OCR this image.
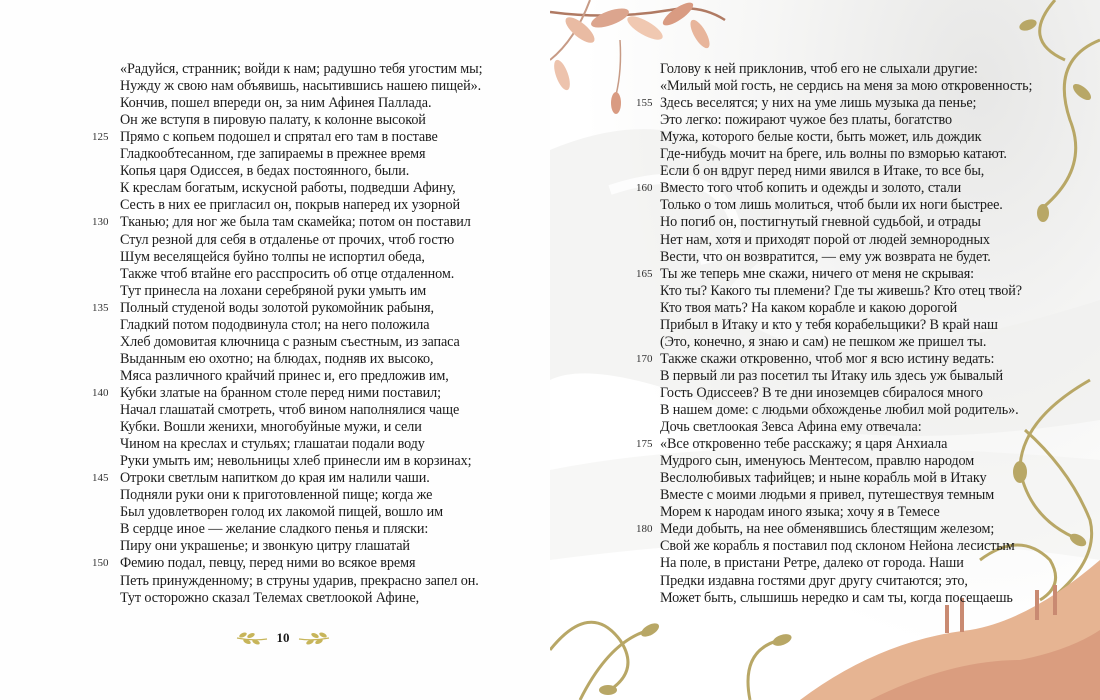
«Радуйся, странник; войди к нам; радушно тебя угостим мы;
Нужду ж свою нам объявишь, насытившись нашею пищей».
Кончив, пошел впереди он, за ним Афинея Паллада.
Он же вступя в пировую палату, к колонне высокой
Прямо с копьем подошел и спрятал его там в поставе
Гладкообтесанном, где запираемы в прежнее время
Копья царя Одиссея, в бедах постоянного, были.
К креслам богатым, искусной работы, подведши Афину,
Сесть в них ее пригласил он, покрыв наперед их узорной
Тканью; для ног же была там скамейка; потом он поставил
Стул резной для себя в отдаленье от прочих, чтоб гостю
Шум веселящейся буйно толпы не испортил обеда,
Также чтоб втайне его расспросить об отце отдаленном.
Тут принесла на лохани серебряной руки умыть им
Полный студеной воды золотой рукомойник рабыня,
Гладкий потом пододвинула стол; на него положила
Хлеб домовитая ключница с разным съестным, из запаса
Выданным ею охотно; на блюдах, подняв их высоко,
Мяса различного крайчий принес и, его предложив им,
Кубки златые на бранном столе перед ними поставил;
Начал глашатай смотреть, чтоб вином наполнялися чаще
Кубки. Вошли женихи, многобуйные мужи, и сели
Чином на креслах и стульях; глашатаи подали воду
Руки умыть им; невольницы хлеб принесли им в корзинах;
Отроки светлым напитком до края им налили чаши.
Подняли руки они к приготовленной пище; когда же
Был удовлетворен голод их лакомой пищей, вошло им
В сердце иное — желание сладкого пенья и пляски:
Пиру они украшенье; и звонкую цитру глашатай
Фемию подал, певцу, перед ними во всякое время
Петь принужденному; в струны ударив, прекрасно запел он.
Тут осторожно сказал Телемах светлоокой Афине,
125
130
135
140
145
150
10
Голову к ней приклонив, чтоб его не слыхали другие:
«Милый мой гость, не сердись на меня за мою откровенность;
Здесь веселятся; у них на уме лишь музыка да пенье;
Это легко: пожирают чужое без платы, богатство
Мужа, которого белые кости, быть может, иль дождик
Где-нибудь мочит на бреге, иль волны по взморью катают.
Если б он вдруг перед ними явился в Итаке, то все бы,
Вместо того чтоб копить и одежды и золото, стали
Только о том лишь молиться, чтоб были их ноги быстрее.
Но погиб он, постигнутый гневной судьбой, и отрады
Нет нам, хотя и приходят порой от людей земнородных
Вести, что он возвратится, — ему уж возврата не будет.
Ты же теперь мне скажи, ничего от меня не скрывая:
Кто ты? Какого ты племени? Где ты живешь? Кто отец твой?
Кто твоя мать? На каком корабле и какою дорогой
Прибыл в Итаку и кто у тебя корабельщики? В край наш
(Это, конечно, я знаю и сам) не пешком же пришел ты.
Также скажи откровенно, чтоб мог я всю истину ведать:
В первый ли раз посетил ты Итаку иль здесь уж бывалый
Гость Одиссеев? В те дни иноземцев сбиралося много
В нашем доме: с людьми обхожденье любил мой родитель».
Дочь светлоокая Зевса Афина ему отвечала:
«Все откровенно тебе расскажу; я царя Анхиала
Мудрого сын, именуюсь Ментесом, правлю народом
Веслолюбивых тафийцев; и ныне корабль мой в Итаку
Вместе с моими людьми я привел, путешествуя темным
Морем к народам иного языка; хочу я в Темесе
Меди добыть, на нее обменявшись блестящим железом;
Свой же корабль я поставил под склоном Нейона лесистым
На поле, в пристани Ретре, далеко от города. Наши
Предки издавна гостями друг другу считаются; это,
Может быть, слышишь нередко и сам ты, когда посещаешь
155
160
165
170
175
180
